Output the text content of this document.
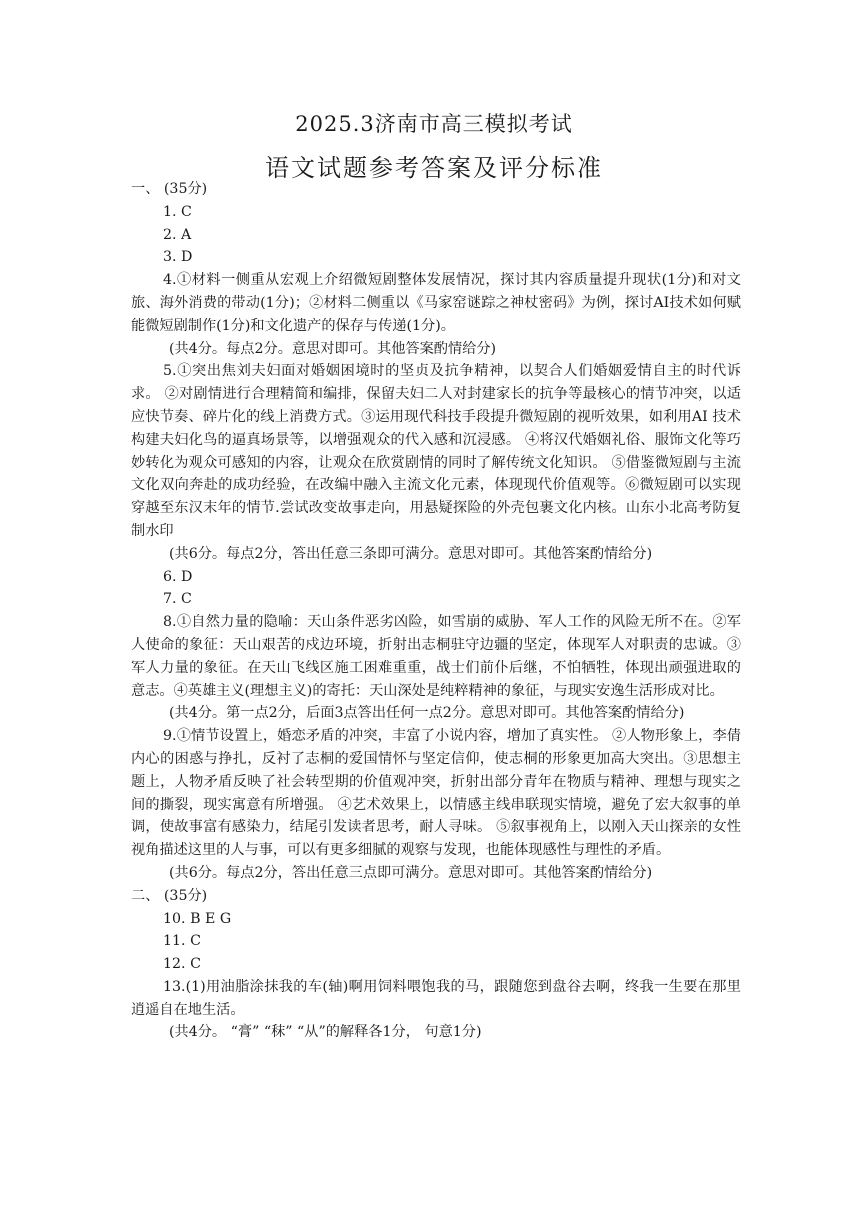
2025.3济南市高三模拟考试
语文试题参考答案及评分标准

一、 (35分)

1. C

2. A

3. D

4.①材料一侧重从宏观上介绍微短剧整体发展情况，探讨其内容质量提升现状(1分)和对文旅、海外消费的带动(1分)；②材料二侧重以《马家窑谜踪之神杖密码》为例，探讨AI技术如何赋能微短剧制作(1分)和文化遗产的保存与传递(1分)。

(共4分。每点2分。意思对即可。其他答案酌情给分)

5.①突出焦刘夫妇面对婚姻困境时的坚贞及抗争精神，以契合人们婚姻爱情自主的时代诉求。 ②对剧情进行合理精简和编排，保留夫妇二人对封建家长的抗争等最核心的情节冲突，以适应快节奏、碎片化的线上消费方式。③运用现代科技手段提升微短剧的视听效果，如利用AI 技术构建夫妇化鸟的逼真场景等，以增强观众的代入感和沉浸感。 ④将汉代婚姻礼俗、服饰文化等巧妙转化为观众可感知的内容，让观众在欣赏剧情的同时了解传统文化知识。 ⑤借鉴微短剧与主流文化双向奔赴的成功经验，在改编中融入主流文化元素，体现现代价值观等。⑥微短剧可以实现穿越至东汉末年的情节.尝试改变故事走向，用悬疑探险的外壳包裹文化内核。山东小北高考防复制水印

(共6分。每点2分，答出任意三条即可满分。意思对即可。其他答案酌情给分)

6. D

7. C

8.①自然力量的隐喻：天山条件恶劣凶险，如雪崩的威胁、军人工作的风险无所不在。②军人使命的象征：天山艰苦的戍边环境，折射出志桐驻守边疆的坚定，体现军人对职责的忠诚。③军人力量的象征。在天山飞线区施工困难重重，战士们前仆后继，不怕牺牲，体现出顽强进取的意志。④英雄主义(理想主义)的寄托：天山深处是纯粹精神的象征，与现实安逸生活形成对比。

(共4分。第一点2分，后面3点答出任何一点2分。意思对即可。其他答案酌情给分)

9.①情节设置上，婚恋矛盾的冲突，丰富了小说内容，增加了真实性。 ②人物形象上，李倩内心的困惑与挣扎，反衬了志桐的爱国情怀与坚定信仰，使志桐的形象更加高大突出。③思想主题上，人物矛盾反映了社会转型期的价值观冲突，折射出部分青年在物质与精神、理想与现实之间的撕裂，现实寓意有所增强。 ④艺术效果上，以情感主线串联现实情境，避免了宏大叙事的单调，使故事富有感染力，结尾引发读者思考，耐人寻味。 ⑤叙事视角上，以刚入天山探亲的女性视角描述这里的人与事，可以有更多细腻的观察与发现，也能体现感性与理性的矛盾。

(共6分。每点2分，答出任意三点即可满分。意思对即可。其他答案酌情给分)

二、 (35分)

10. B E G

11. C

12. C

13.(1)用油脂涂抹我的车(轴)啊用饲料喂饱我的马，跟随您到盘谷去啊，终我一生要在那里逍遥自在地生活。

(共4分。 “膏” “秣” “从”的解释各1分， 句意1分)
